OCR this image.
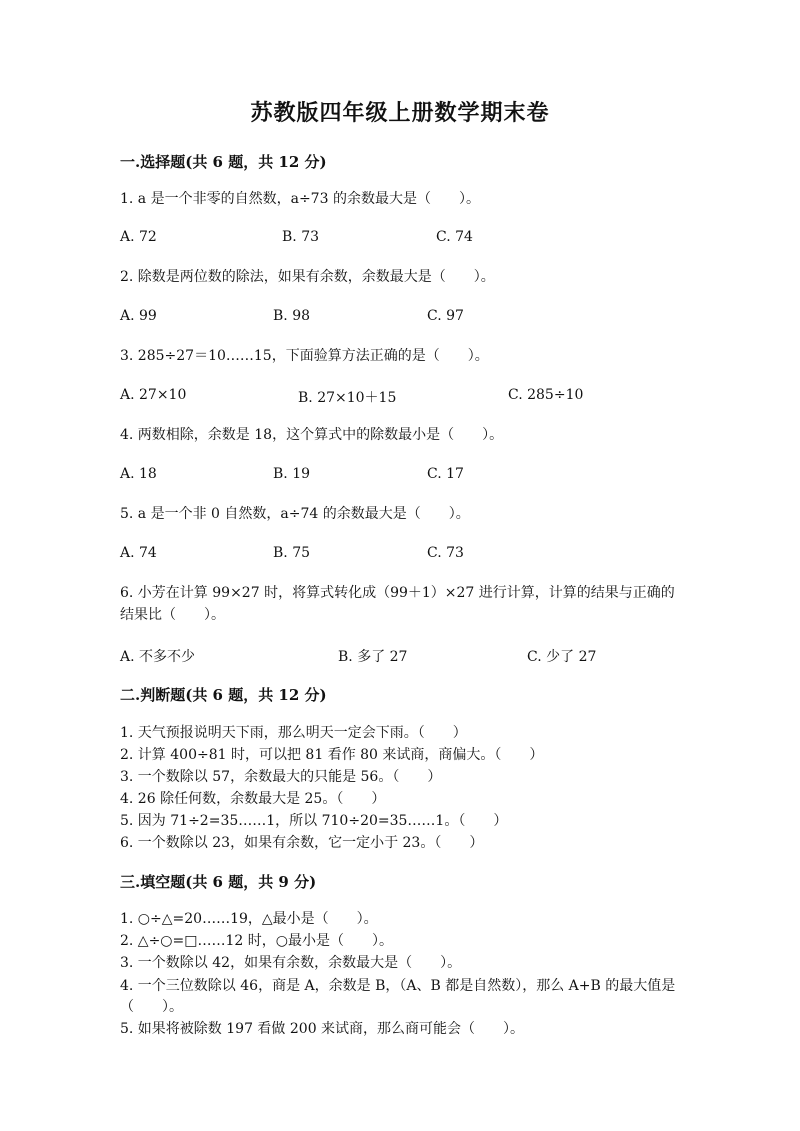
苏教版四年级上册数学期末卷
一.选择题(共 6 题，共 12 分)
1. a 是一个非零的自然数，a÷73 的余数最大是（　　）。
A. 72	B. 73	C. 74
2. 除数是两位数的除法，如果有余数，余数最大是（　　）。
A. 99	B. 98	C. 97
3. 285÷27＝10……15，下面验算方法正确的是（　　）。
A. 27×10	B. 27×10＋15	C. 285÷10
4. 两数相除，余数是 18，这个算式中的除数最小是（　　）。
A. 18	B. 19	C. 17
5. a 是一个非 0 自然数，a÷74 的余数最大是（　　）。
A. 74	B. 75	C. 73
6. 小芳在计算 99×27 时，将算式转化成（99＋1）×27 进行计算，计算的结果与正确的结果比（　　）。
A. 不多不少	B. 多了 27	C. 少了 27
二.判断题(共 6 题，共 12 分)
1. 天气预报说明天下雨，那么明天一定会下雨。（　　）
2. 计算 400÷81 时，可以把 81 看作 80 来试商，商偏大。（　　）
3. 一个数除以 57，余数最大的只能是 56。（　　）
4. 26 除任何数，余数最大是 25。（　　）
5. 因为 71÷2=35……1，所以 710÷20=35……1。（　　）
6. 一个数除以 23，如果有余数，它一定小于 23。（　　）
三.填空题(共 6 题，共 9 分)
1. ○÷△=20……19，△最小是（　　）。
2. △÷○=□……12 时，○最小是（　　）。
3. 一个数除以 42，如果有余数，余数最大是（　　）。
4. 一个三位数除以 46，商是 A，余数是 B，（A、B 都是自然数），那么 A+B 的最大值是（　　）。
5. 如果将被除数 197 看做 200 来试商，那么商可能会（　　）。
